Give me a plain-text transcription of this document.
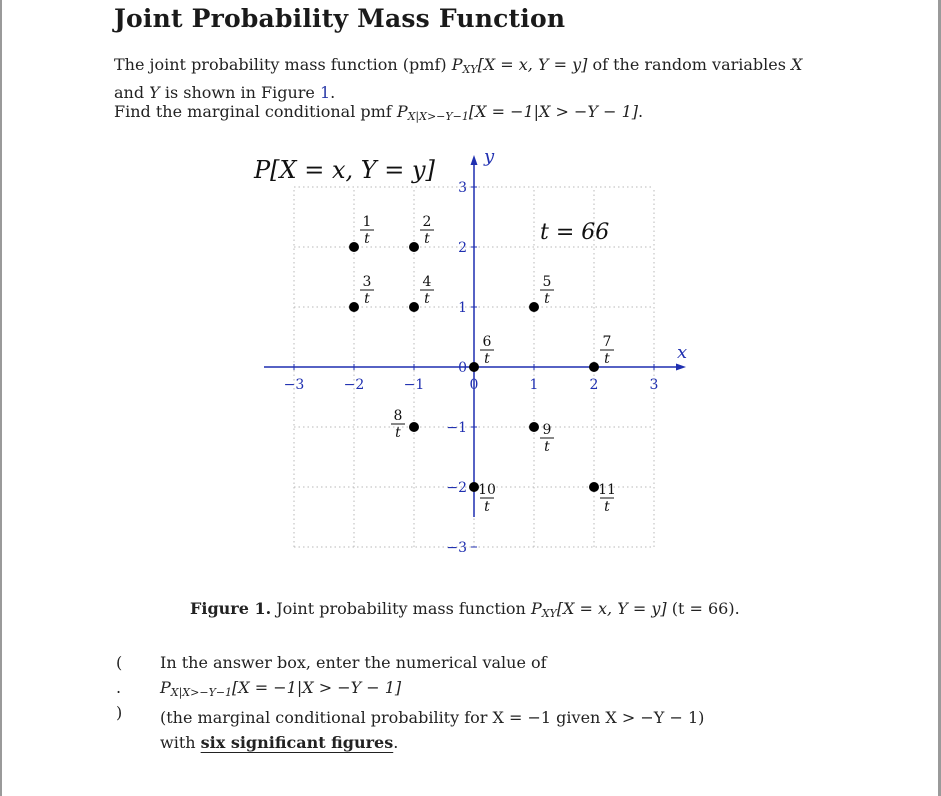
Joint Probability Mass Function
The joint probability mass function (pmf) $P_{XY}[X = x$, Y = y] of the random variables X
and Y is shown in Figure 1.
Find the marginal conditional pmf $P_{X|X>-Y-1}[X = -1|X > -Y - 1]$.
−3	−2	−1	0	1	2	3
−3
−2
−1
0
1
2
3
1
t
2
t
3
t
4
t
5
t
6
t
7
t
8
t	9
t
10
t
11
t
P[X = x, Y = y]
t = 66
x
y
Figure 1. Joint probability mass function $P_{XY}[X = x$, Y = y] (t = 66).
( . )
In the answer box, enter the numerical value of
$P_{X|X>-Y-1}[X = -1|X > -Y - 1]$
(the marginal conditional probability for X = −1 given X > −Y − 1)
with six significant figures.
